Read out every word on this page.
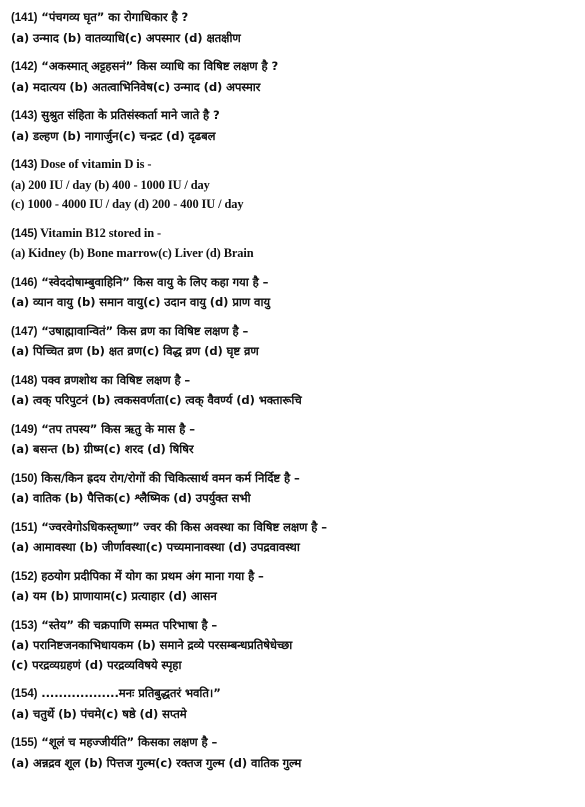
(141) “पंचगव्य घृत” का रोगाधिकार है ?
(a) उन्माद (b) वातव्याधि(c) अपस्मार (d) क्षतक्षीण
(142) “अकस्मात् अट्टहसनं” किस व्याधि का विषिष्ट लक्षण है ?
(a) मदात्यय (b) अतत्वाभिनिवेष(c) उन्माद (d) अपस्मार
(143) सुश्रुत संहिता के प्रतिसंस्कर्ता माने जाते है ?
(a) डल्हण (b) नागार्जुन(c) चन्द्रट (d) दृढबल
(143) Dose of vitamin D is -
(a) 200 IU / day (b) 400 - 1000 IU / day
(c) 1000 - 4000 IU / day (d) 200 - 400 IU / day
(145) Vitamin B12 stored in -
(a) Kidney (b) Bone marrow(c) Liver (d) Brain
(146) “स्वेददोषाम्बुवाहिनि” किस वायु के लिए कहा गया है –
(a) व्यान वायु (b) समान वायु(c) उदान वायु (d) प्राण वायु
(147) “उषाह्मावान्वितं” किस व्रण का विषिष्ट लक्षण है –
(a) पिच्चित व्रण (b) क्षत व्रण(c) विद्ध व्रण (d) घृष्ट व्रण
(148) पक्व व्रणशोथ का विषिष्ट लक्षण है –
(a) त्वक् परिपुटनं (b) त्वकसवर्णता(c) त्वक् वैवर्ण्य (d) भक्तारूचि
(149) “तप तपस्य” किस ऋतु के मास है –
(a) बसन्त (b) ग्रीष्म(c) शरद (d) षिषिर
(150) किस/किन ह्रदय रोग/रोगों की चिकित्सार्थ वमन कर्म निर्दिष्ट है –
(a) वातिक (b) पैत्तिक(c) श्लैष्मिक (d) उपर्युक्त सभी
(151) “ज्वरवेगोऽधिकस्तृष्णा” ज्वर की किस अवस्था का विषिष्ट लक्षण है –
(a) आमावस्था (b) जीर्णावस्था(c) पच्यमानावस्था (d) उपद्रवावस्था
(152) हठयोग प्रदीपिका में योग का प्रथम अंग माना गया है –
(a) यम (b) प्राणायाम(c) प्रत्याहार (d) आसन
(153) “स्तेय” की चक्रपाणि सम्मत परिभाषा है –
(a) परानिष्टजनकाभिधायकम (b) समाने द्रव्ये परसम्बन्धप्रतिषेधेच्छा
(c) परद्रव्यग्रहणं (d) परद्रव्यविषये स्पृहा
(154) ..................मनः प्रतिबुद्धतरं भवति।”
(a) चतुर्थे (b) पंचमे(c) षष्ठे (d) सप्तमे
(155) “शूलं च महज्जीर्यति” किसका लक्षण है –
(a) अन्नद्रव शूल (b) पित्तज गुल्म(c) रक्तज गुल्म (d) वातिक गुल्म
